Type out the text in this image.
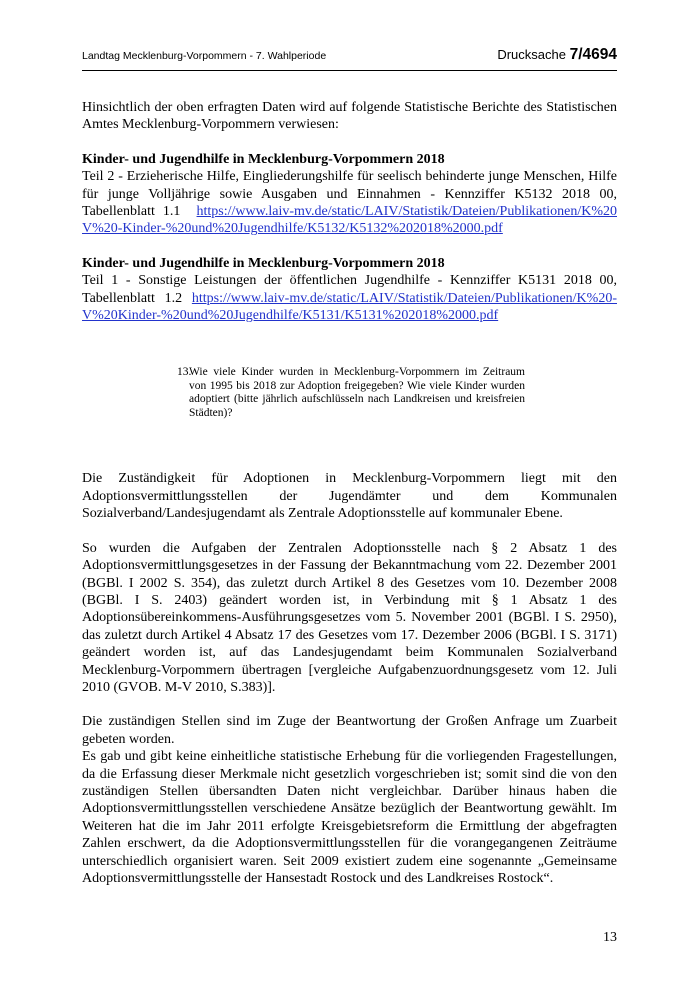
Landtag Mecklenburg-Vorpommern - 7. Wahlperiode	Drucksache 7/4694

Hinsichtlich der oben erfragten Daten wird auf folgende Statistische Berichte des Statistischen Amtes Mecklenburg-Vorpommern verwiesen:

Kinder- und Jugendhilfe in Mecklenburg-Vorpommern 2018

Teil 2 - Erzieherische Hilfe, Eingliederungshilfe für seelisch behinderte junge Menschen, Hilfe für junge Volljährige sowie Ausgaben und Einnahmen - Kennziffer K5132 2018 00, Tabellenblatt 1.1 https://www.laiv-mv.de/static/LAIV/Statistik/Dateien/Publikationen/K%20V%20-Kinder-%20und%20Jugendhilfe/K5132/K5132%202018%2000.pdf

Kinder- und Jugendhilfe in Mecklenburg-Vorpommern 2018

Teil 1 - Sonstige Leistungen der öffentlichen Jugendhilfe - Kennziffer K5131 2018 00, Tabellenblatt 1.2 https://www.laiv-mv.de/static/LAIV/Statistik/Dateien/Publikationen/K%20-V%20Kinder-%20und%20Jugendhilfe/K5131/K5131%202018%2000.pdf

13.
Wie viele Kinder wurden in Mecklenburg-Vorpommern im Zeitraum von 1995 bis 2018 zur Adoption freigegeben? Wie viele Kinder wurden adoptiert (bitte jährlich aufschlüsseln nach Landkreisen und kreisfreien Städten)?

Die Zuständigkeit für Adoptionen in Mecklenburg-Vorpommern liegt mit den Adoptionsvermittlungsstellen der Jugendämter und dem Kommunalen Sozialverband/Landesjugendamt als Zentrale Adoptionsstelle auf kommunaler Ebene.

So wurden die Aufgaben der Zentralen Adoptionsstelle nach § 2 Absatz 1 des Adoptionsvermittlungsgesetzes in der Fassung der Bekanntmachung vom 22. Dezember 2001 (BGBl. I 2002 S. 354), das zuletzt durch Artikel 8 des Gesetzes vom 10. Dezember 2008 (BGBl. I S. 2403) geändert worden ist, in Verbindung mit § 1 Absatz 1 des Adoptionsübereinkommens-Ausführungsgesetzes vom 5. November 2001 (BGBl. I S. 2950), das zuletzt durch Artikel 4 Absatz 17 des Gesetzes vom 17. Dezember 2006 (BGBl. I S. 3171) geändert worden ist, auf das Landesjugendamt beim Kommunalen Sozialverband Mecklenburg-Vorpommern übertragen [vergleiche Aufgabenzuordnungsgesetz vom 12. Juli 2010 (GVOB. M-V 2010, S.383)].

Die zuständigen Stellen sind im Zuge der Beantwortung der Großen Anfrage um Zuarbeit gebeten worden.

Es gab und gibt keine einheitliche statistische Erhebung für die vorliegenden Fragestellungen, da die Erfassung dieser Merkmale nicht gesetzlich vorgeschrieben ist; somit sind die von den zuständigen Stellen übersandten Daten nicht vergleichbar. Darüber hinaus haben die Adoptionsvermittlungsstellen verschiedene Ansätze bezüglich der Beantwortung gewählt. Im Weiteren hat die im Jahr 2011 erfolgte Kreisgebietsreform die Ermittlung der abgefragten Zahlen erschwert, da die Adoptionsvermittlungsstellen für die vorangegangenen Zeiträume unterschiedlich organisiert waren. Seit 2009 existiert zudem eine sogenannte „Gemeinsame Adoptionsvermittlungsstelle der Hansestadt Rostock und des Landkreises Rostock“.

13
